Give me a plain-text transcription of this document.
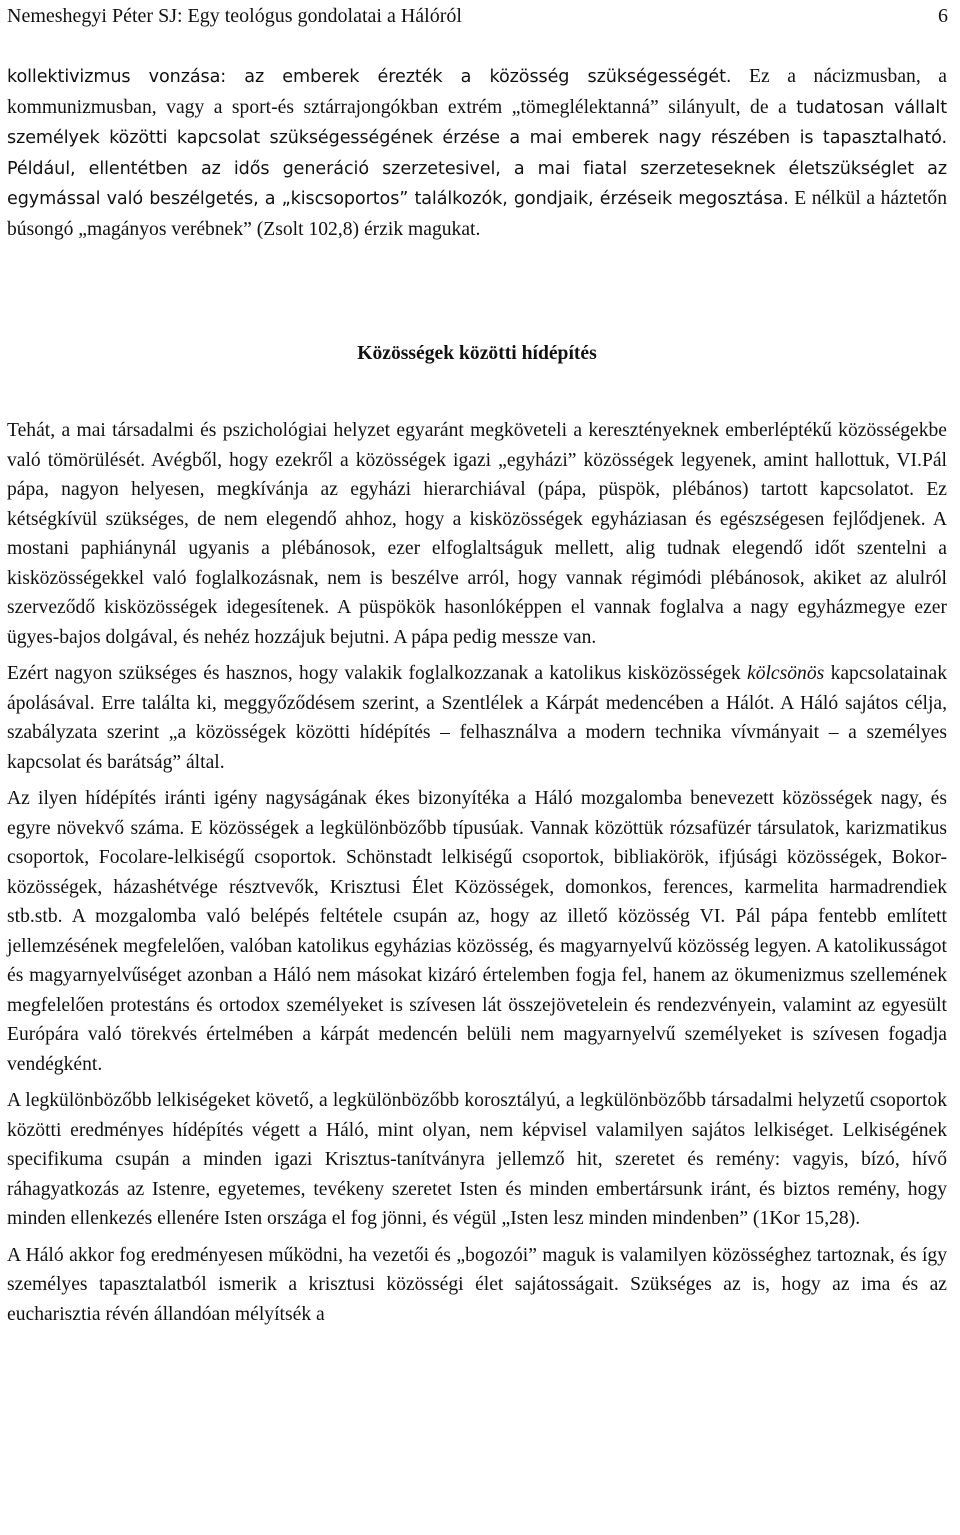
Nemeshegyi Péter SJ: Egy teológus gondolatai a Hálóról	6

kollektivizmus vonzása: az emberek érezték a közösség szükségességét. Ez a nácizmusban, a kommunizmusban, vagy a sport-és sztárrajongókban extrém „tömeglélektanná” silányult, de a tudatosan vállalt személyek közötti kapcsolat szükségességének érzése a mai emberek nagy részében is tapasztalható. Például, ellentétben az idős generáció szerzetesivel, a mai fiatal szerzeteseknek életszükséglet az egymással való beszélgetés, a „kiscsoportos” találkozók, gondjaik, érzéseik megosztása. E nélkül a háztetőn búsongó „magányos verébnek” (Zsolt 102,8) érzik magukat.

Közösségek közötti hídépítés

Tehát, a mai társadalmi és pszichológiai helyzet egyaránt megköveteli a keresztényeknek emberléptékű közösségekbe való tömörülését. Avégből, hogy ezekről a közösségek igazi „egyházi” közösségek legyenek, amint hallottuk, VI.Pál pápa, nagyon helyesen, megkívánja az egyházi hierarchiával (pápa, püspök, plébános) tartott kapcsolatot. Ez kétségkívül szükséges, de nem elegendő ahhoz, hogy a kisközösségek egyháziasan és egészségesen fejlődjenek. A mostani paphiánynál ugyanis a plébánosok, ezer elfoglaltságuk mellett, alig tudnak elegendő időt szentelni a kisközösségekkel való foglalkozásnak, nem is beszélve arról, hogy vannak régimódi plébánosok, akiket az alulról szerveződő kisközösségek idegesítenek. A püspökök hasonlóképpen el vannak foglalva a nagy egyházmegye ezer ügyes-bajos dolgával, és nehéz hozzájuk bejutni. A pápa pedig messze van.

Ezért nagyon szükséges és hasznos, hogy valakik foglalkozzanak a katolikus kisközösségek kölcsönös kapcsolatainak ápolásával. Erre találta ki, meggyőződésem szerint, a Szentlélek a Kárpát medencében a Hálót. A Háló sajátos célja, szabályzata szerint „a közösségek közötti hídépítés – felhasználva a modern technika vívmányait – a személyes kapcsolat és barátság” által.

Az ilyen hídépítés iránti igény nagyságának ékes bizonyítéka a Háló mozgalomba benevezett közösségek nagy, és egyre növekvő száma. E közösségek a legkülönbözőbb típusúak. Vannak közöttük rózsafüzér társulatok, karizmatikus csoportok, Focolare-lelkiségű csoportok. Schönstadt lelkiségű csoportok, bibliakörök, ifjúsági közösségek, Bokor-közösségek, házashétvége résztvevők, Krisztusi Élet Közösségek, domonkos, ferences, karmelita harmadrendiek stb.stb. A mozgalomba való belépés feltétele csupán az, hogy az illető közösség VI. Pál pápa fentebb említett jellemzésének megfelelően, valóban katolikus egyházias közösség, és magyarnyelvű közösség legyen. A katolikusságot és magyarnyelvűséget azonban a Háló nem másokat kizáró értelemben fogja fel, hanem az ökumenizmus szellemének megfelelően protestáns és ortodox személyeket is szívesen lát összejövetelein és rendezvényein, valamint az egyesült Európára való törekvés értelmében a kárpát medencén belüli nem magyarnyelvű személyeket is szívesen fogadja vendégként.

A legkülönbözőbb lelkiségeket követő, a legkülönbözőbb korosztályú, a legkülönbözőbb társadalmi helyzetű csoportok közötti eredményes hídépítés végett a Háló, mint olyan, nem képvisel valamilyen sajátos lelkiséget. Lelkiségének specifikuma csupán a minden igazi Krisztus-tanítványra jellemző hit, szeretet és remény: vagyis, bízó, hívő ráhagyatkozás az Istenre, egyetemes, tevékeny szeretet Isten és minden embertársunk iránt, és biztos remény, hogy minden ellenkezés ellenére Isten országa el fog jönni, és végül „Isten lesz minden mindenben” (1Kor 15,28).

A Háló akkor fog eredményesen működni, ha vezetői és „bogozói” maguk is valamilyen közösséghez tartoznak, és így személyes tapasztalatból ismerik a krisztusi közösségi élet sajátosságait. Szükséges az is, hogy az ima és az eucharisztia révén állandóan mélyítsék a
